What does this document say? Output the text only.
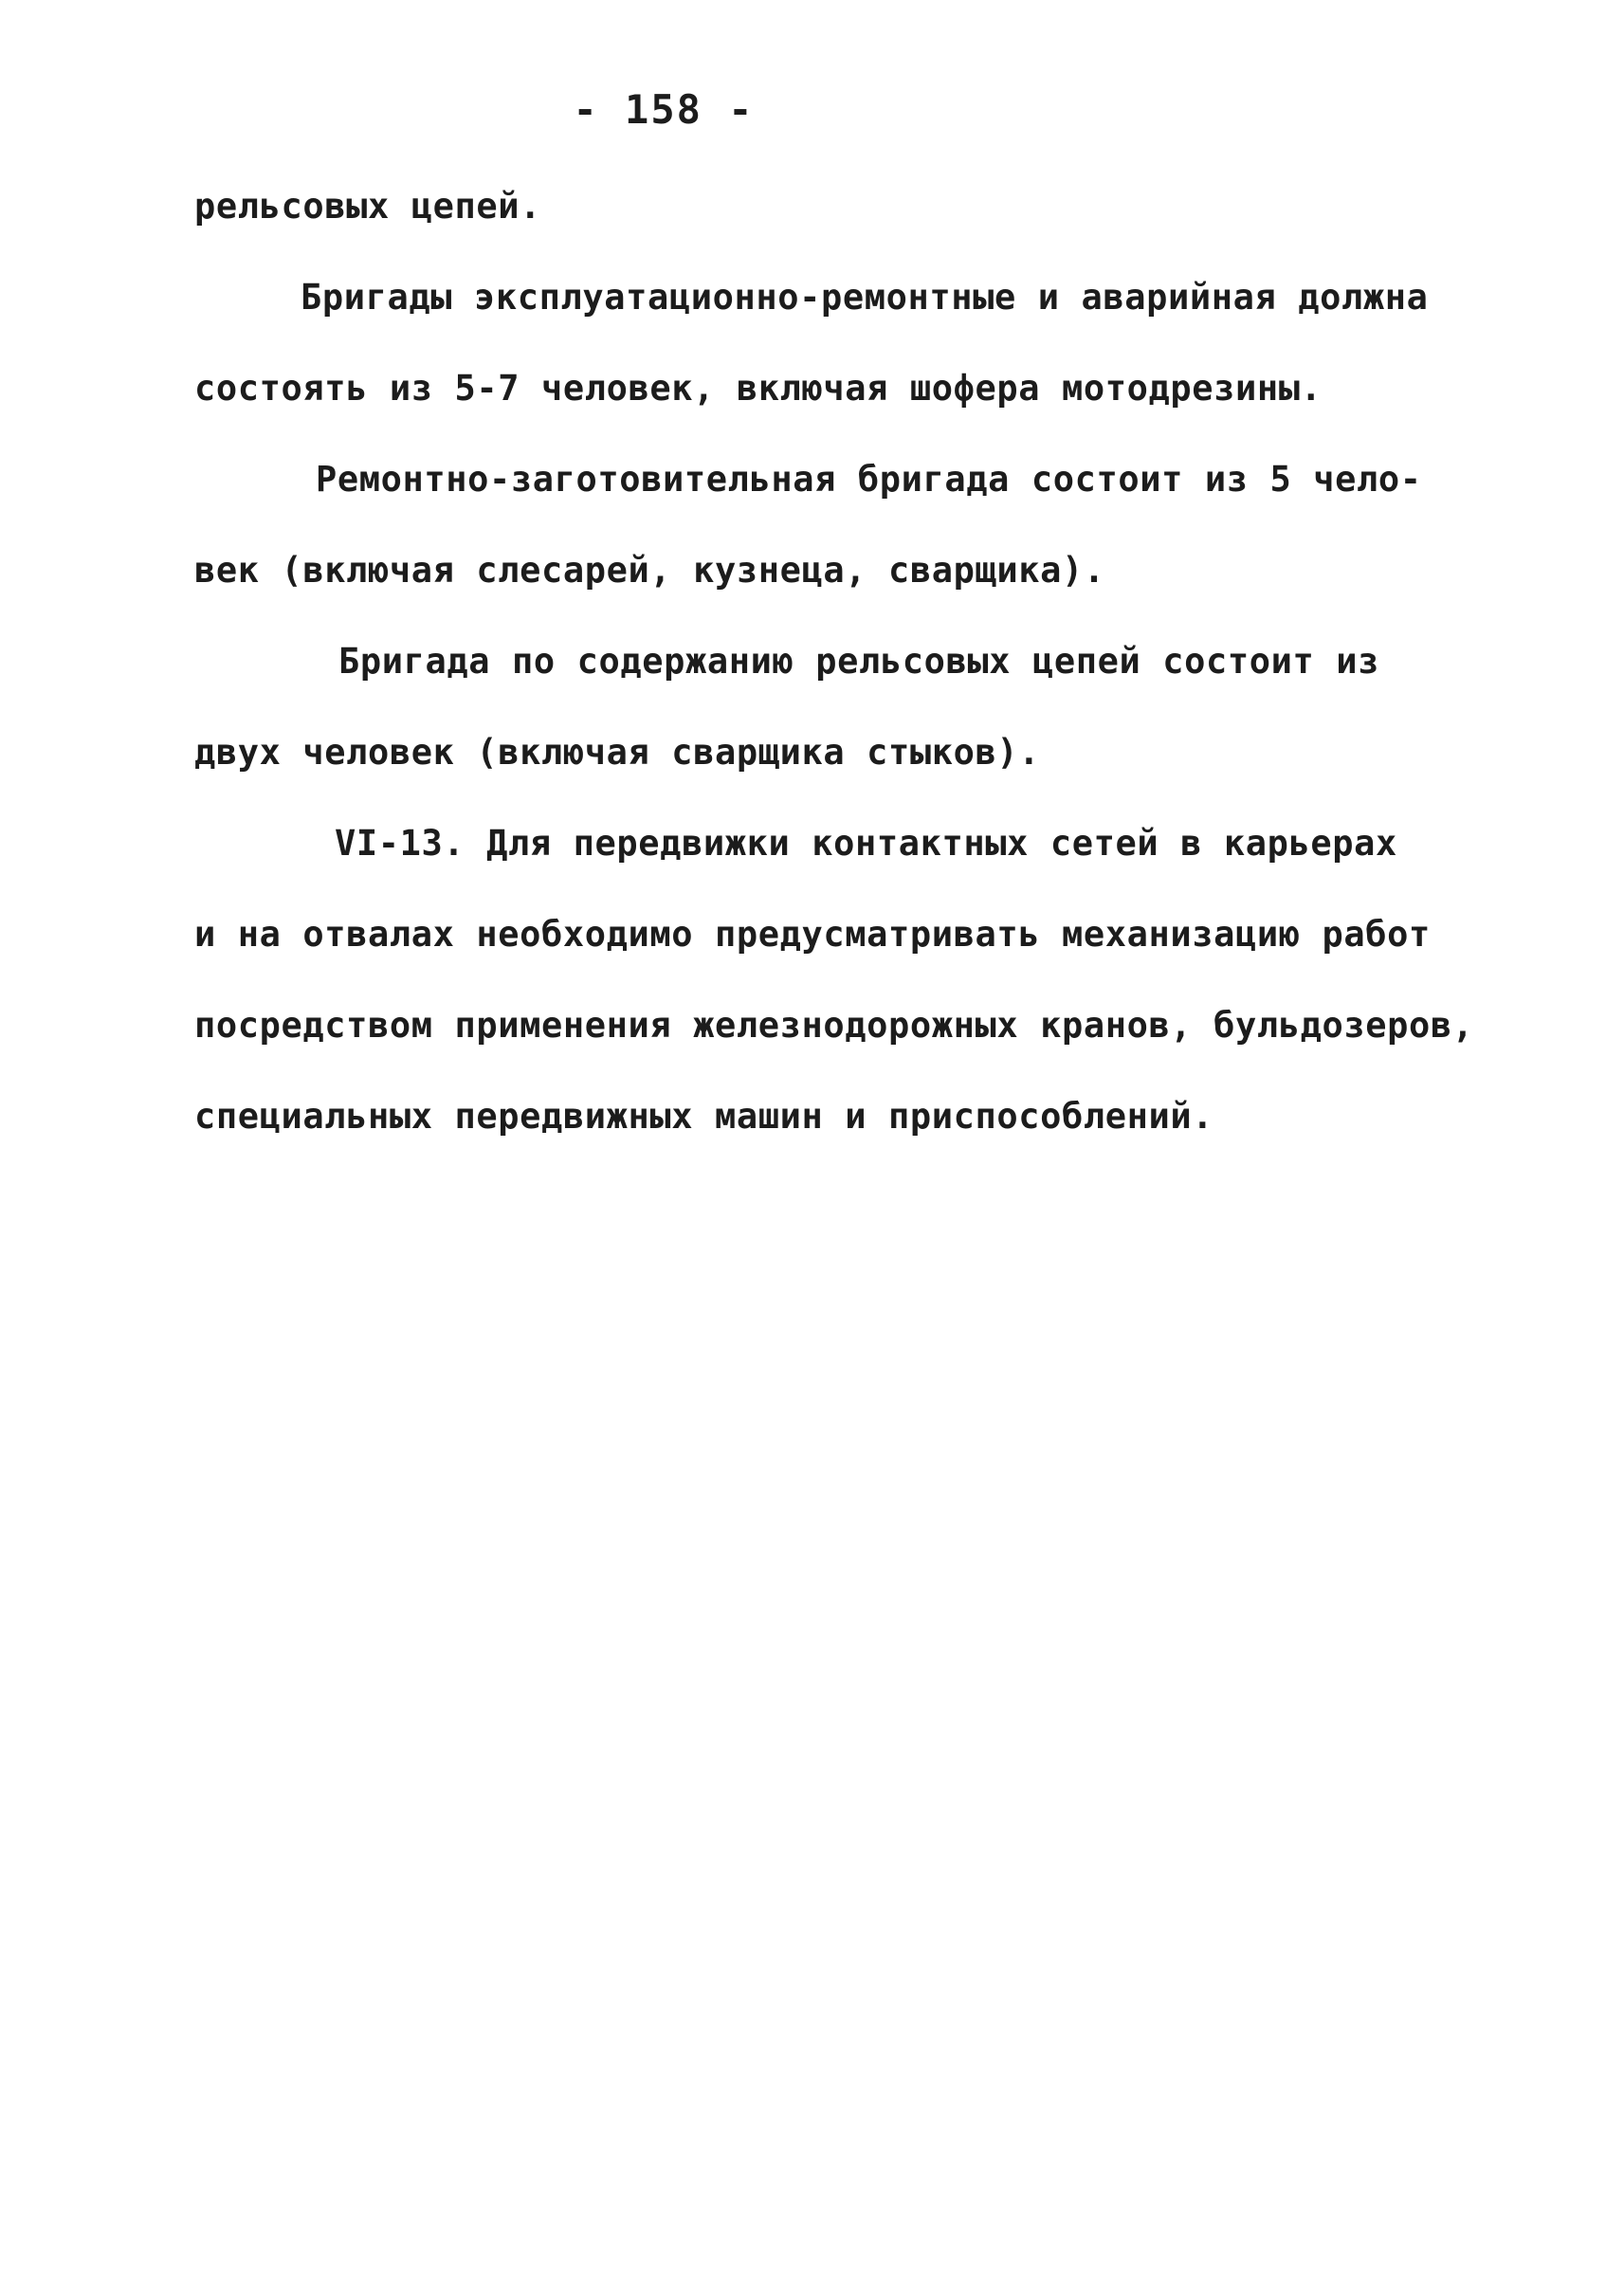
- 158 -
рельсовых цепей.
Бригады эксплуатационно-ремонтные и аварийная должна
состоять из 5-7 человек, включая шофера мотодрезины.
Ремонтно-заготовительная бригада состоит из 5 чело-
век (включая слесарей, кузнеца, сварщика).
Бригада по содержанию рельсовых цепей состоит из
двух человек (включая сварщика стыков).
VI-13. Для передвижки контактных сетей в карьерах
и на отвалах необходимо предусматривать механизацию работ
посредством применения железнодорожных кранов, бульдозеров,
специальных передвижных машин и приспособлений.
